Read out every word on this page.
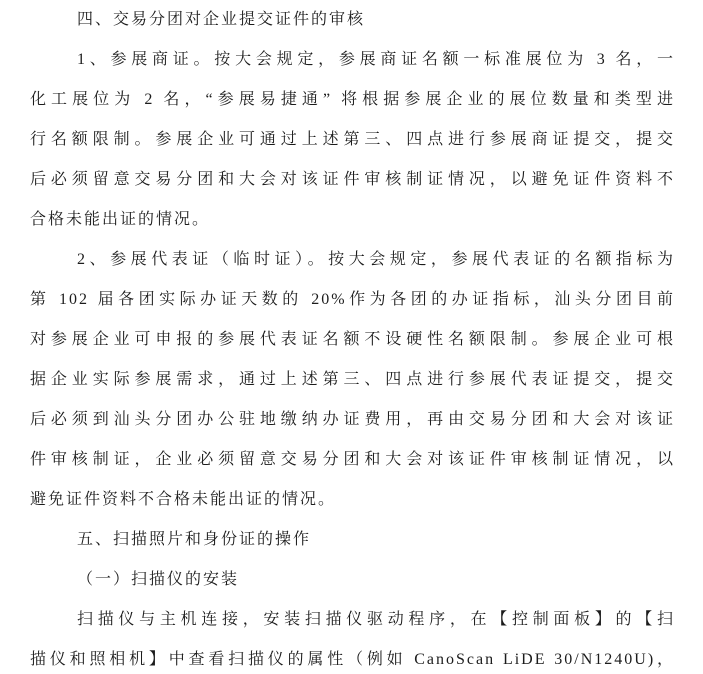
四、交易分团对企业提交证件的审核
1、参展商证。按大会规定，参展商证名额一标准展位为 3 名，一
化工展位为 2 名，“参展易捷通” 将根据参展企业的展位数量和类型进
行名额限制。参展企业可通过上述第三、四点进行参展商证提交，提交
后必须留意交易分团和大会对该证件审核制证情况，以避免证件资料不
合格未能出证的情况。
2、参展代表证（临时证）。按大会规定，参展代表证的名额指标为
第 102 届各团实际办证天数的 20%作为各团的办证指标，汕头分团目前
对参展企业可申报的参展代表证名额不设硬性名额限制。参展企业可根
据企业实际参展需求，通过上述第三、四点进行参展代表证提交，提交
后必须到汕头分团办公驻地缴纳办证费用，再由交易分团和大会对该证
件审核制证，企业必须留意交易分团和大会对该证件审核制证情况，以
避免证件资料不合格未能出证的情况。
五、扫描照片和身份证的操作
（一）扫描仪的安装
扫描仪与主机连接，安装扫描仪驱动程序，在【控制面板】的【扫
描仪和照相机】中查看扫描仪的属性（例如 CanoScan LiDE 30/N1240U)，
